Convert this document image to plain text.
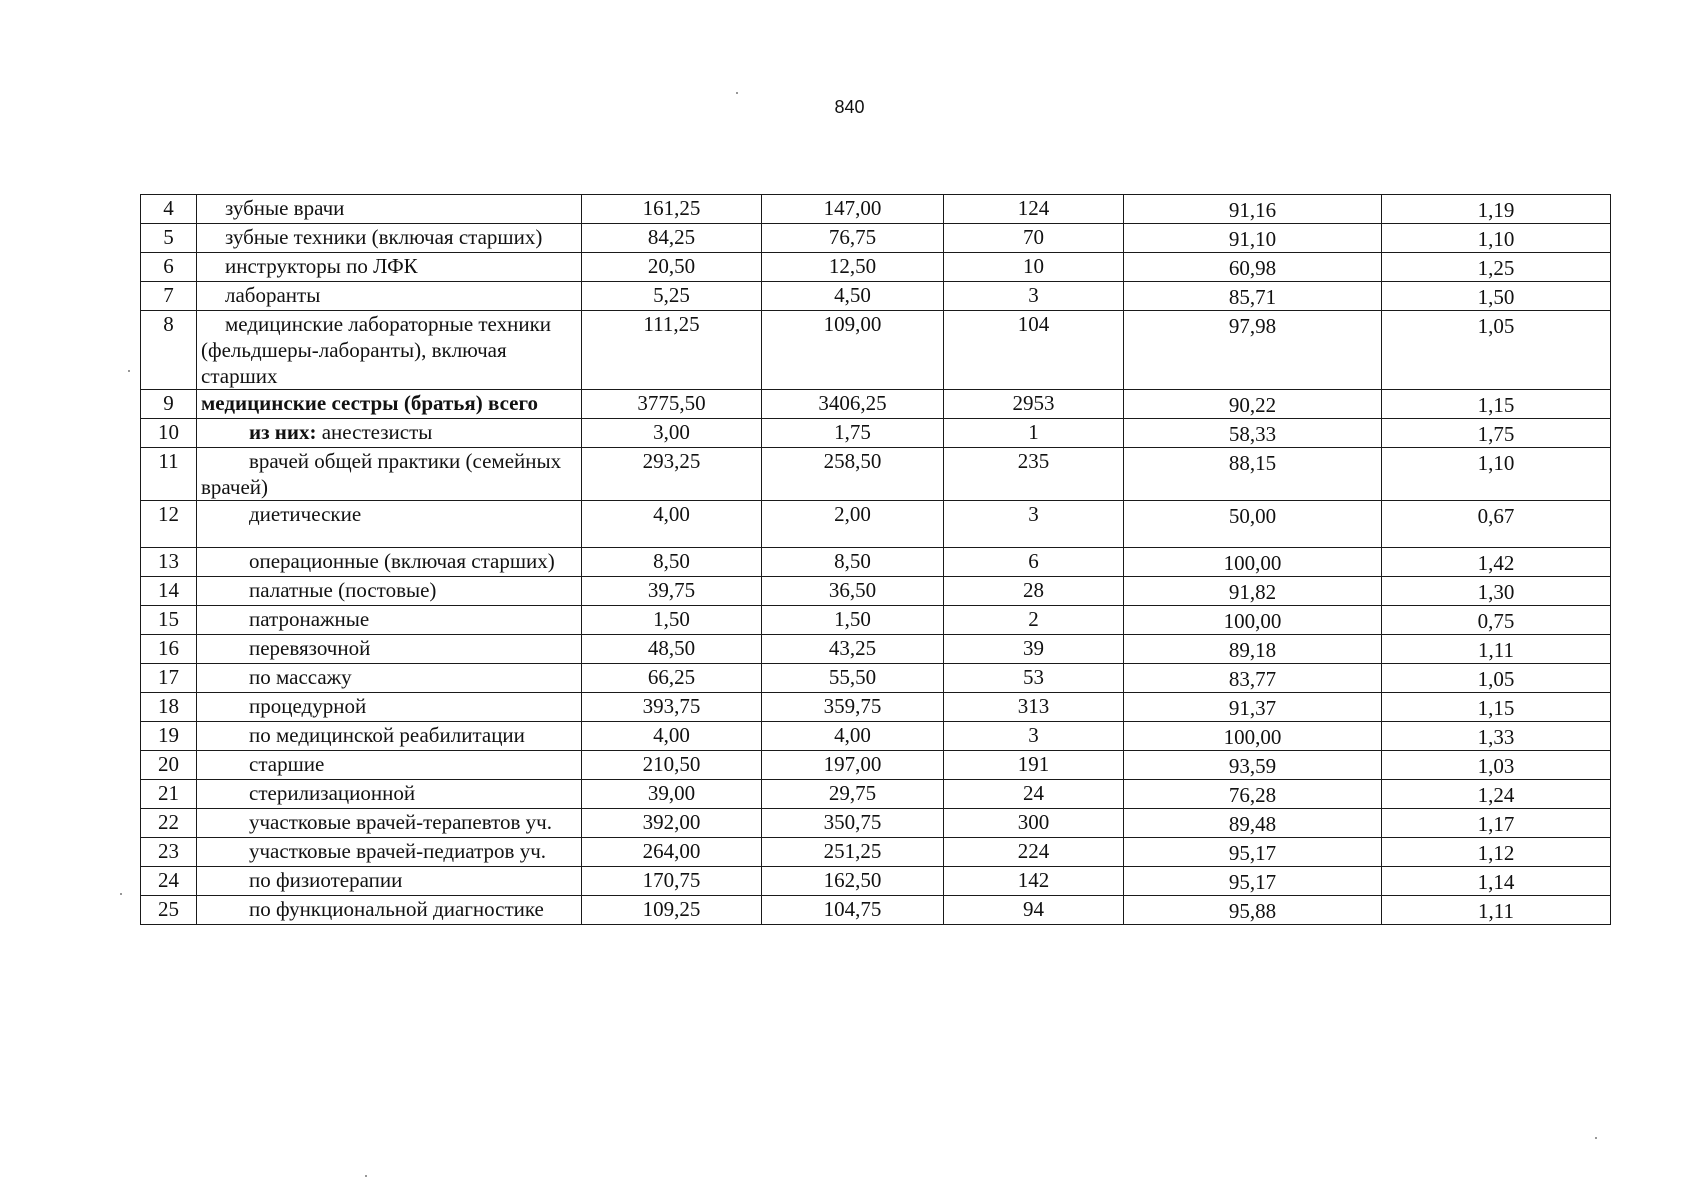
840
4	зубные врачи	161,25	147,00	124	91,16	1,19
5	зубные техники (включая старших)	84,25	76,75	70	91,10	1,10
6	инструкторы по ЛФК	20,50	12,50	10	60,98	1,25
7	лаборанты	5,25	4,50	3	85,71	1,50
8	медицинские лабораторные техники (фельдшеры-лаборанты), включая старших	111,25	109,00	104	97,98	1,05
9	медицинские сестры (братья) всего	3775,50	3406,25	2953	90,22	1,15
10	из них: анестезисты	3,00	1,75	1	58,33	1,75
11	врачей общей практики (семейных врачей)	293,25	258,50	235	88,15	1,10
12	диетические	4,00	2,00	3	50,00	0,67
13	операционные (включая старших)	8,50	8,50	6	100,00	1,42
14	палатные (постовые)	39,75	36,50	28	91,82	1,30
15	патронажные	1,50	1,50	2	100,00	0,75
16	перевязочной	48,50	43,25	39	89,18	1,11
17	по массажу	66,25	55,50	53	83,77	1,05
18	процедурной	393,75	359,75	313	91,37	1,15
19	по медицинской реабилитации	4,00	4,00	3	100,00	1,33
20	старшие	210,50	197,00	191	93,59	1,03
21	стерилизационной	39,00	29,75	24	76,28	1,24
22	участковые врачей-терапевтов уч.	392,00	350,75	300	89,48	1,17
23	участковые врачей-педиатров уч.	264,00	251,25	224	95,17	1,12
24	по физиотерапии	170,75	162,50	142	95,17	1,14
25	по функциональной диагностике	109,25	104,75	94	95,88	1,11
